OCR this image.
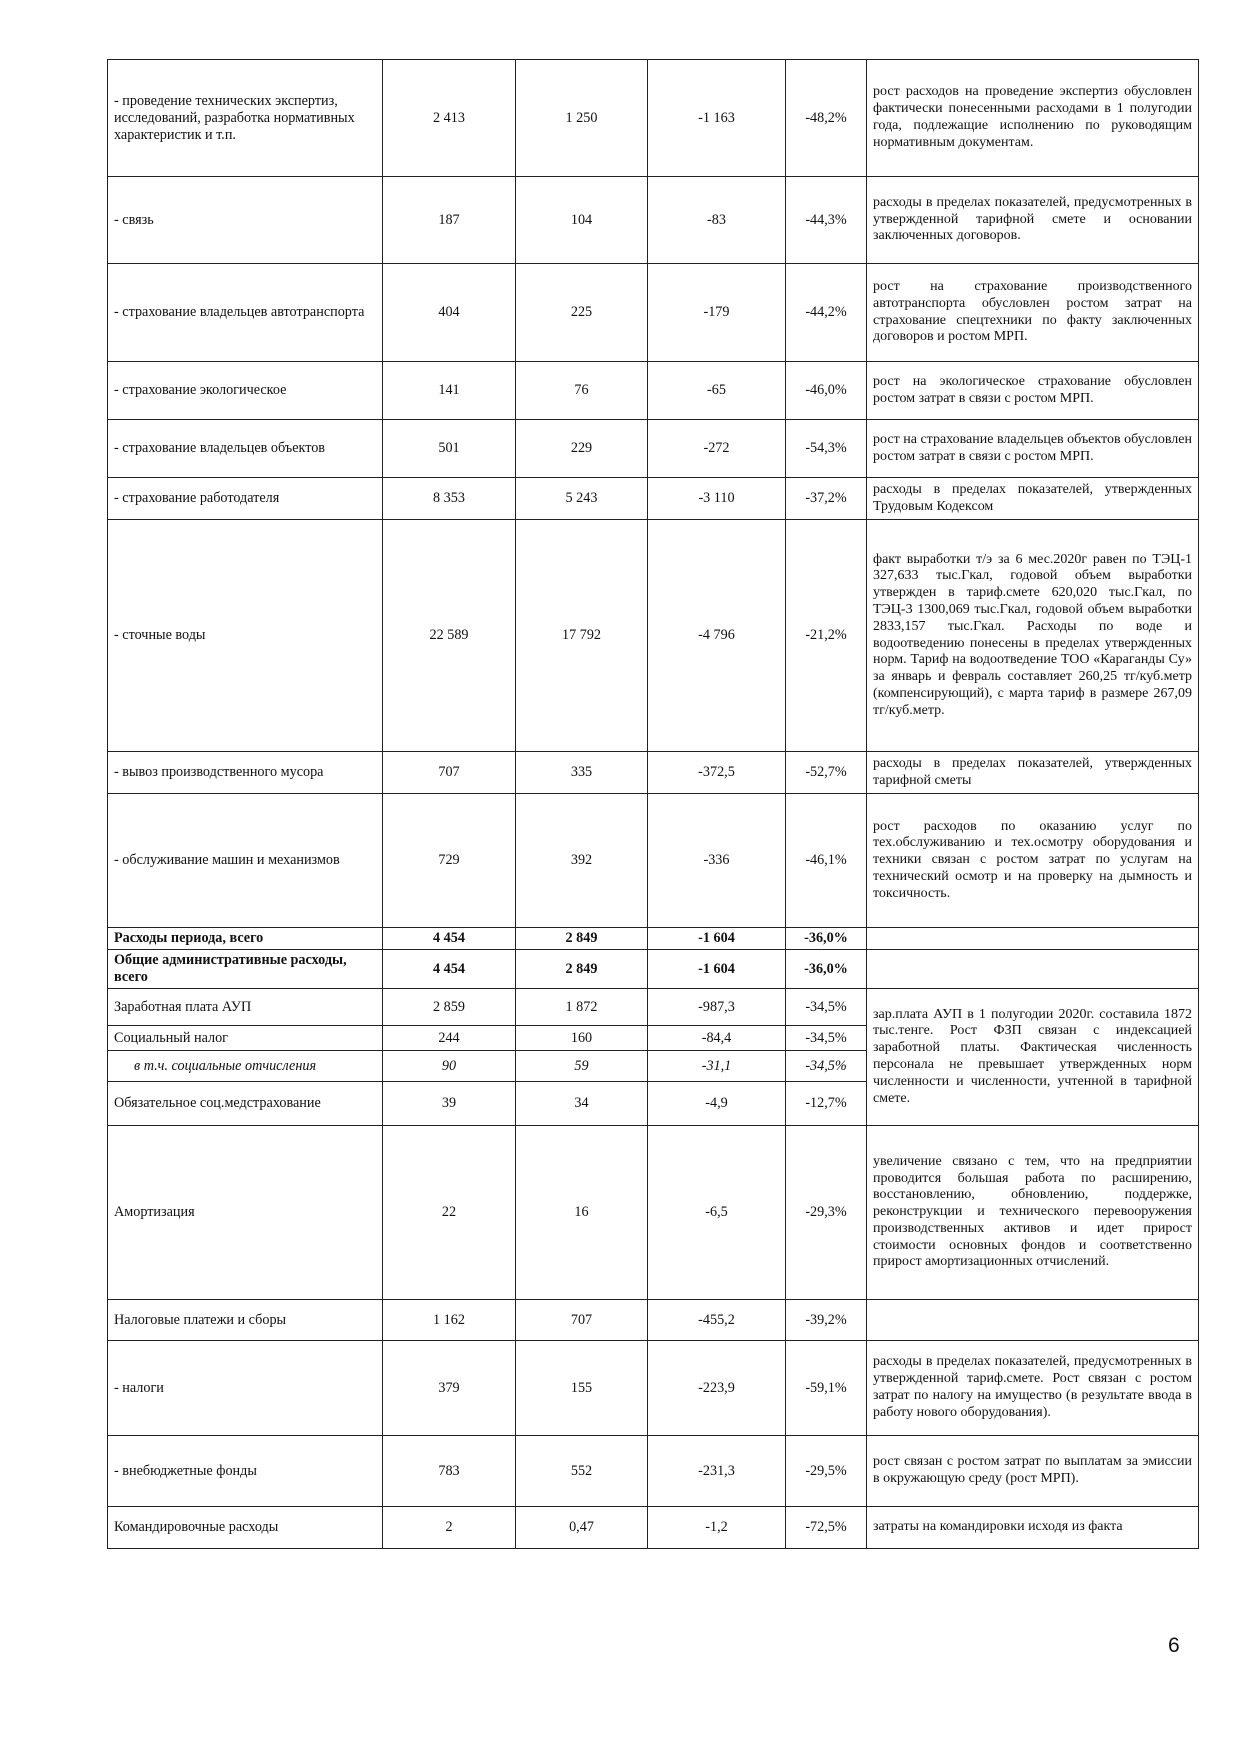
- проведение технических экспертиз, исследований, разработка нормативных характеристик и т.п.	2 413	1 250	-1 163	-48,2%	рост расходов на проведение экспертиз обусловлен фактически понесенными расходами в 1 полугодии года, подлежащие исполнению по руководящим нормативным документам.
- связь	187	104	-83	-44,3%	расходы в пределах показателей, предусмотренных в утвержденной тарифной смете и основании заключенных договоров.
- страхование владельцев автотранспорта	404	225	-179	-44,2%	рост на страхование производственного автотранспорта обусловлен ростом затрат на страхование спецтехники по факту заключенных договоров и ростом МРП.
- страхование экологическое	141	76	-65	-46,0%	рост на экологическое страхование обусловлен ростом затрат в связи с ростом МРП.
- страхование владельцев объектов	501	229	-272	-54,3%	рост на страхование владельцев объектов обусловлен ростом затрат в связи с ростом МРП.
- страхование работодателя	8 353	5 243	-3 110	-37,2%	расходы в пределах показателей, утвержденных Трудовым Кодексом
- сточные воды	22 589	17 792	-4 796	-21,2%	факт выработки т/э за 6 мес.2020г равен по ТЭЦ-1 327,633 тыс.Гкал, годовой объем выработки утвержден в тариф.смете 620,020 тыс.Гкал, по ТЭЦ-3 1300,069 тыс.Гкал, годовой объем выработки 2833,157 тыс.Гкал. Расходы по воде и водоотведению понесены в пределах утвержденных норм. Тариф на водоотведение ТОО «Караганды Су» за январь и февраль составляет 260,25 тг/куб.метр (компенсирующий), с марта тариф в размере 267,09 тг/куб.метр.
- вывоз производственного мусора	707	335	-372,5	-52,7%	расходы в пределах показателей, утвержденных тарифной сметы
- обслуживание машин и механизмов	729	392	-336	-46,1%	рост расходов по оказанию услуг по тех.обслуживанию и тех.осмотру оборудования и техники связан с ростом затрат по услугам на технический осмотр и на проверку на дымность и токсичность.
Расходы периода, всего	4 454	2 849	-1 604	-36,0%	
Общие административные расходы, всего	4 454	2 849	-1 604	-36,0%	
Заработная плата АУП	2 859	1 872	-987,3	-34,5%	зар.плата АУП в 1 полугодии 2020г. составила 1872 тыс.тенге. Рост ФЗП связан с индексацией заработной платы. Фактическая численность персонала не превышает утвержденных норм численности и численности, учтенной в тарифной смете.
Социальный налог	244	160	-84,4	-34,5%	
в т.ч. социальные отчисления	90	59	-31,1	-34,5%	
Обязательное соц.медстрахование	39	34	-4,9	-12,7%	
Амортизация	22	16	-6,5	-29,3%	увеличение связано с тем, что на предприятии проводится большая работа по расширению, восстановлению, обновлению, поддержке, реконструкции и технического перевооружения производственных активов и идет прирост стоимости основных фондов и соответственно прирост амортизационных отчислений.
Налоговые платежи и сборы	1 162	707	-455,2	-39,2%	
- налоги	379	155	-223,9	-59,1%	расходы в пределах показателей, предусмотренных в утвержденной тариф.смете. Рост связан с ростом затрат по налогу на имущество (в результате ввода в работу нового оборудования).
- внебюджетные фонды	783	552	-231,3	-29,5%	рост связан с ростом затрат по выплатам за эмиссии в окружающую среду (рост МРП).
Командировочные расходы	2	0,47	-1,2	-72,5%	затраты на командировки исходя из факта
6
